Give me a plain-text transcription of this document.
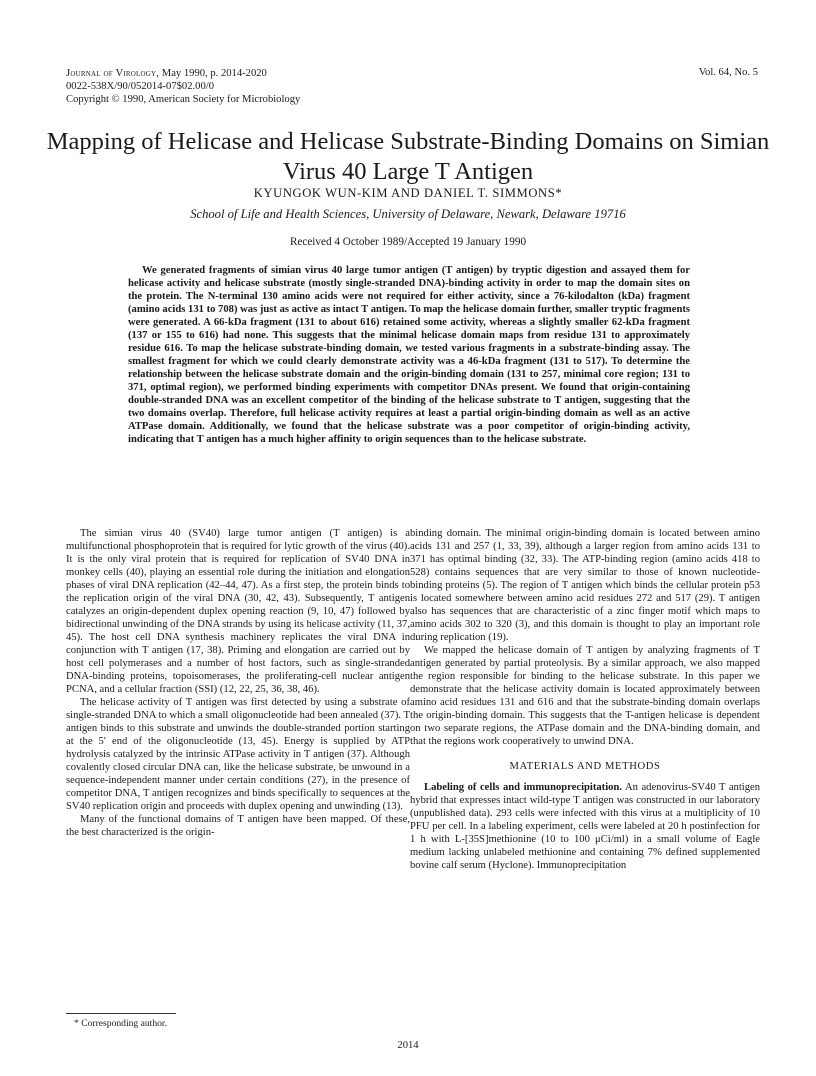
Journal of Virology, May 1990, p. 2014-2020
0022-538X/90/052014-07$02.00/0
Copyright © 1990, American Society for Microbiology
Vol. 64, No. 5
Mapping of Helicase and Helicase Substrate-Binding Domains on Simian Virus 40 Large T Antigen
KYUNGOK WUN-KIM AND DANIEL T. SIMMONS*
School of Life and Health Sciences, University of Delaware, Newark, Delaware 19716
Received 4 October 1989/Accepted 19 January 1990

We generated fragments of simian virus 40 large tumor antigen (T antigen) by tryptic digestion and assayed them for helicase activity and helicase substrate (mostly single-stranded DNA)-binding activity in order to map the domain sites on the protein. The N-terminal 130 amino acids were not required for either activity, since a 76-kilodalton (kDa) fragment (amino acids 131 to 708) was just as active as intact T antigen. To map the helicase domain further, smaller tryptic fragments were generated. A 66-kDa fragment (131 to about 616) retained some activity, whereas a slightly smaller 62-kDa fragment (137 or 155 to 616) had none. This suggests that the minimal helicase domain maps from residue 131 to approximately residue 616. To map the helicase substrate-binding domain, we tested various fragments in a substrate-binding assay. The smallest fragment for which we could clearly demonstrate activity was a 46-kDa fragment (131 to 517). To determine the relationship between the helicase substrate domain and the origin-binding domain (131 to 257, minimal core region; 131 to 371, optimal region), we performed binding experiments with competitor DNAs present. We found that origin-containing double-stranded DNA was an excellent competitor of the binding of the helicase substrate to T antigen, suggesting that the two domains overlap. Therefore, full helicase activity requires at least a partial origin-binding domain as well as an active ATPase domain. Additionally, we found that the helicase substrate was a poor competitor of origin-binding activity, indicating that T antigen has a much higher affinity to origin sequences than to the helicase substrate.

The simian virus 40 (SV40) large tumor antigen (T antigen) is a multifunctional phosphoprotein that is required for lytic growth of the virus (40). It is the only viral protein that is required for replication of SV40 DNA in monkey cells (40), playing an essential role during the initiation and elongation phases of viral DNA replication (42–44, 47). As a first step, the protein binds to the replication origin of the viral DNA (30, 42, 43). Subsequently, T antigen catalyzes an origin-dependent duplex opening reaction (9, 10, 47) followed by bidirectional unwinding of the DNA strands by using its helicase activity (11, 37, 45). The host cell DNA synthesis machinery replicates the viral DNA in conjunction with T antigen (17, 38). Priming and elongation are carried out by host cell polymerases and a number of host factors, such as single-stranded DNA-binding proteins, topoisomerases, the proliferating-cell nuclear antigen PCNA, and a cellular fraction (SSI) (12, 22, 25, 36, 38, 46).

The helicase activity of T antigen was first detected by using a substrate of single-stranded DNA to which a small oligonucleotide had been annealed (37). T antigen binds to this substrate and unwinds the double-stranded portion starting at the 5′ end of the oligonucleotide (13, 45). Energy is supplied by ATP hydrolysis catalyzed by the intrinsic ATPase activity in T antigen (37). Although covalently closed circular DNA can, like the helicase substrate, be unwound in a sequence-independent manner under certain conditions (27), in the presence of competitor DNA, T antigen recognizes and binds specifically to sequences at the SV40 replication origin and proceeds with duplex opening and unwinding (13).

Many of the functional domains of T antigen have been mapped. Of these, the best characterized is the origin-

binding domain. The minimal origin-binding domain is located between amino acids 131 and 257 (1, 33, 39), although a larger region from amino acids 131 to 371 has optimal binding (32, 33). The ATP-binding region (amino acids 418 to 528) contains sequences that are very similar to those of known nucleotide-binding proteins (5). The region of T antigen which binds the cellular protein p53 is located somewhere between amino acid residues 272 and 517 (29). T antigen also has sequences that are characteristic of a zinc finger motif which maps to amino acids 302 to 320 (3), and this domain is thought to play an important role during replication (19).

We mapped the helicase domain of T antigen by analyzing fragments of T antigen generated by partial proteolysis. By a similar approach, we also mapped the region responsible for binding to the helicase substrate. In this paper we demonstrate that the helicase activity domain is located approximately between amino acid residues 131 and 616 and that the substrate-binding domain overlaps the origin-binding domain. This suggests that the T-antigen helicase is dependent on two separate regions, the ATPase domain and the DNA-binding domain, and that the regions work cooperatively to unwind DNA.

MATERIALS AND METHODS

Labeling of cells and immunoprecipitation. An adenovirus-SV40 T antigen hybrid that expresses intact wild-type T antigen was constructed in our laboratory (unpublished data). 293 cells were infected with this virus at a multiplicity of 10 PFU per cell. In a labeling experiment, cells were labeled at 20 h postinfection for 1 h with L-[35S]methionine (10 to 100 μCi/ml) in a small volume of Eagle medium lacking unlabeled methionine and containing 7% defined supplemented bovine calf serum (Hyclone). Immunoprecipitation

* Corresponding author.
2014
